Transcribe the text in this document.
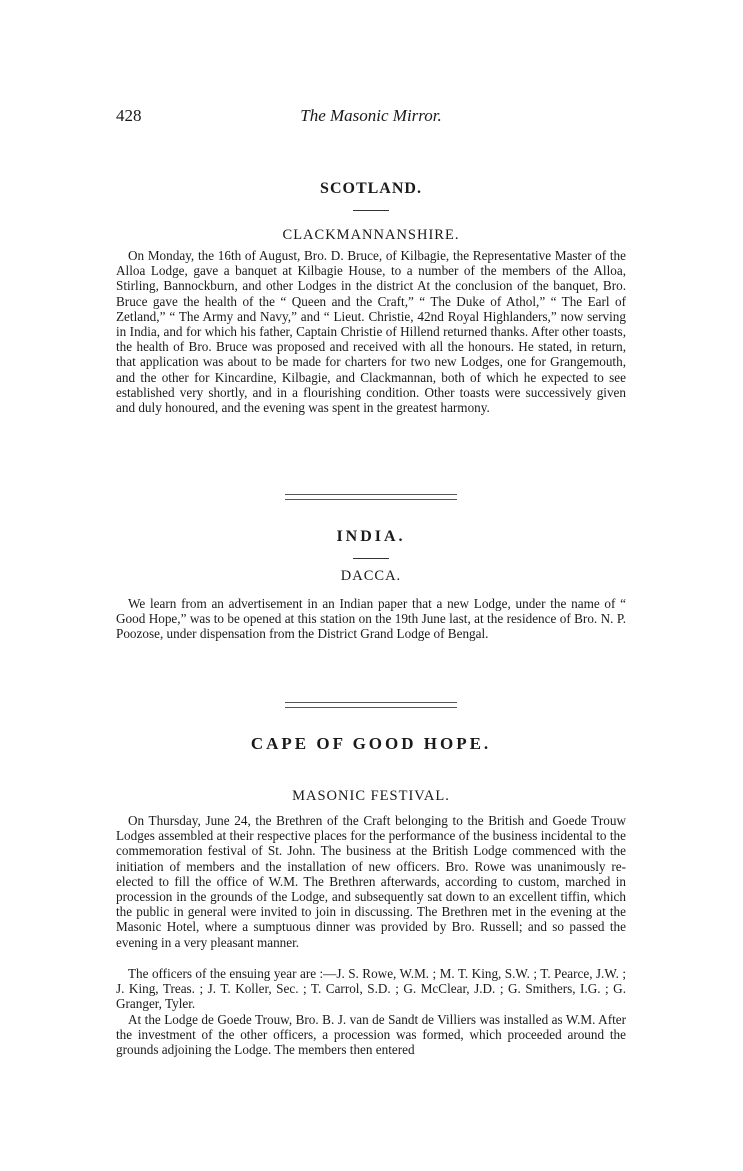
428	The Masonic Mirror.
SCOTLAND.
CLACKMANNANSHIRE.

On Monday, the 16th of August, Bro. D. Bruce, of Kilbagie, the Representative Master of the Alloa Lodge, gave a banquet at Kilbagie House, to a number of the members of the Alloa, Stirling, Bannockburn, and other Lodges in the district At the conclusion of the banquet, Bro. Bruce gave the health of the “ Queen and the Craft,” “ The Duke of Athol,” “ The Earl of Zetland,” “ The Army and Navy,” and “ Lieut. Christie, 42nd Royal Highlanders,” now serving in India, and for which his father, Captain Christie of Hillend returned thanks. After other toasts, the health of Bro. Bruce was proposed and received with all the honours. He stated, in return, that application was about to be made for charters for two new Lodges, one for Grangemouth, and the other for Kincardine, Kilbagie, and Clackmannan, both of which he expected to see established very shortly, and in a flourishing condition. Other toasts were successively given and duly honoured, and the evening was spent in the greatest harmony.

INDIA.
DACCA.

We learn from an advertisement in an Indian paper that a new Lodge, under the name of “ Good Hope,” was to be opened at this station on the 19th June last, at the residence of Bro. N. P. Poozose, under dispensation from the District Grand Lodge of Bengal.

CAPE OF GOOD HOPE.
MASONIC FESTIVAL.

On Thursday, June 24, the Brethren of the Craft belonging to the British and Goede Trouw Lodges assembled at their respective places for the performance of the business incidental to the commemoration festival of St. John. The business at the British Lodge commenced with the initiation of members and the installation of new officers. Bro. Rowe was unanimously re-elected to fill the office of W.M. The Brethren afterwards, according to custom, marched in procession in the grounds of the Lodge, and subsequently sat down to an excellent tiffin, which the public in general were invited to join in discussing. The Brethren met in the evening at the Masonic Hotel, where a sumptuous dinner was provided by Bro. Russell; and so passed the evening in a very pleasant manner.

The officers of the ensuing year are :—J. S. Rowe, W.M. ; M. T. King, S.W. ; T. Pearce, J.W. ; J. King, Treas. ; J. T. Koller, Sec. ; T. Carrol, S.D. ; G. McClear, J.D. ; G. Smithers, I.G. ; G. Granger, Tyler.

At the Lodge de Goede Trouw, Bro. B. J. van de Sandt de Villiers was installed as W.M. After the investment of the other officers, a procession was formed, which proceeded around the grounds adjoining the Lodge. The members then entered
